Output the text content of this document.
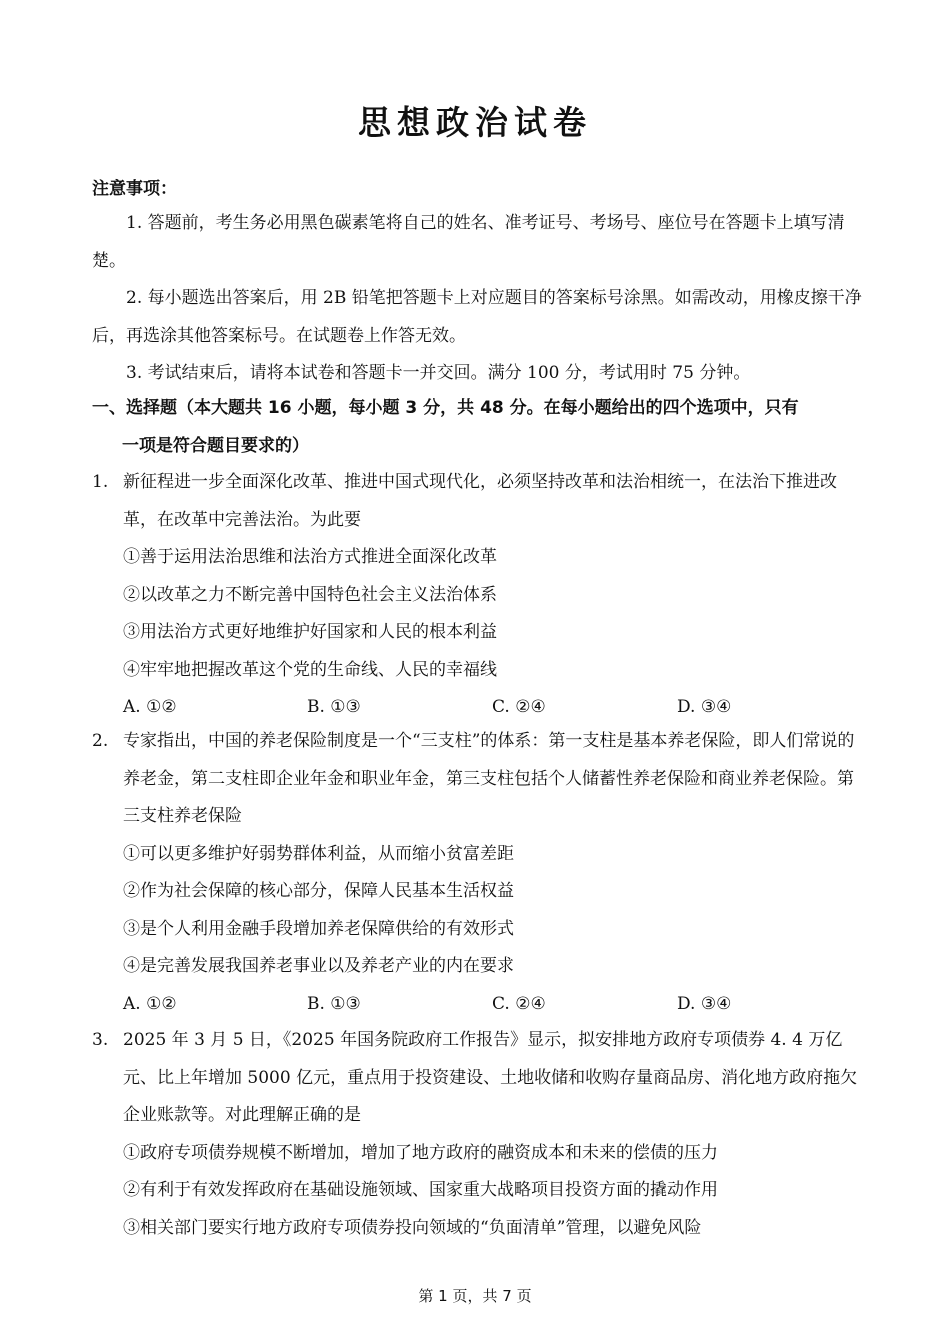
思想政治试卷
注意事项：
1. 答题前，考生务必用黑色碳素笔将自己的姓名、准考证号、考场号、座位号在答题卡上填写清楚。
2. 每小题选出答案后，用 2B 铅笔把答题卡上对应题目的答案标号涂黑。如需改动，用橡皮擦干净后，再选涂其他答案标号。在试题卷上作答无效。
3. 考试结束后，请将本试卷和答题卡一并交回。满分 100 分，考试用时 75 分钟。
一、选择题（本大题共 16 小题，每小题 3 分，共 48 分。在每小题给出的四个选项中，只有
一项是符合题目要求的）
1. 新征程进一步全面深化改革、推进中国式现代化，必须坚持改革和法治相统一，在法治下推进改革，在改革中完善法治。为此要
①善于运用法治思维和法治方式推进全面深化改革
②以改革之力不断完善中国特色社会主义法治体系
③用法治方式更好地维护好国家和人民的根本利益
④牢牢地把握改革这个党的生命线、人民的幸福线
A. ①②	B. ①③	C. ②④	D. ③④
2. 专家指出，中国的养老保险制度是一个“三支柱”的体系：第一支柱是基本养老保险，即人们常说的养老金，第二支柱即企业年金和职业年金，第三支柱包括个人储蓄性养老保险和商业养老保险。第三支柱养老保险
①可以更多维护好弱势群体利益，从而缩小贫富差距
②作为社会保障的核心部分，保障人民基本生活权益
③是个人利用金融手段增加养老保障供给的有效形式
④是完善发展我国养老事业以及养老产业的内在要求
A. ①②	B. ①③	C. ②④	D. ③④
3. 2025 年 3 月 5 日，《2025 年国务院政府工作报告》显示，拟安排地方政府专项债券 4. 4 万亿元、比上年增加 5000 亿元，重点用于投资建设、土地收储和收购存量商品房、消化地方政府拖欠企业账款等。对此理解正确的是
①政府专项债券规模不断增加，增加了地方政府的融资成本和未来的偿债的压力
②有利于有效发挥政府在基础设施领域、国家重大战略项目投资方面的撬动作用
③相关部门要实行地方政府专项债券投向领域的“负面清单”管理，以避免风险
第 1 页，共 7 页
